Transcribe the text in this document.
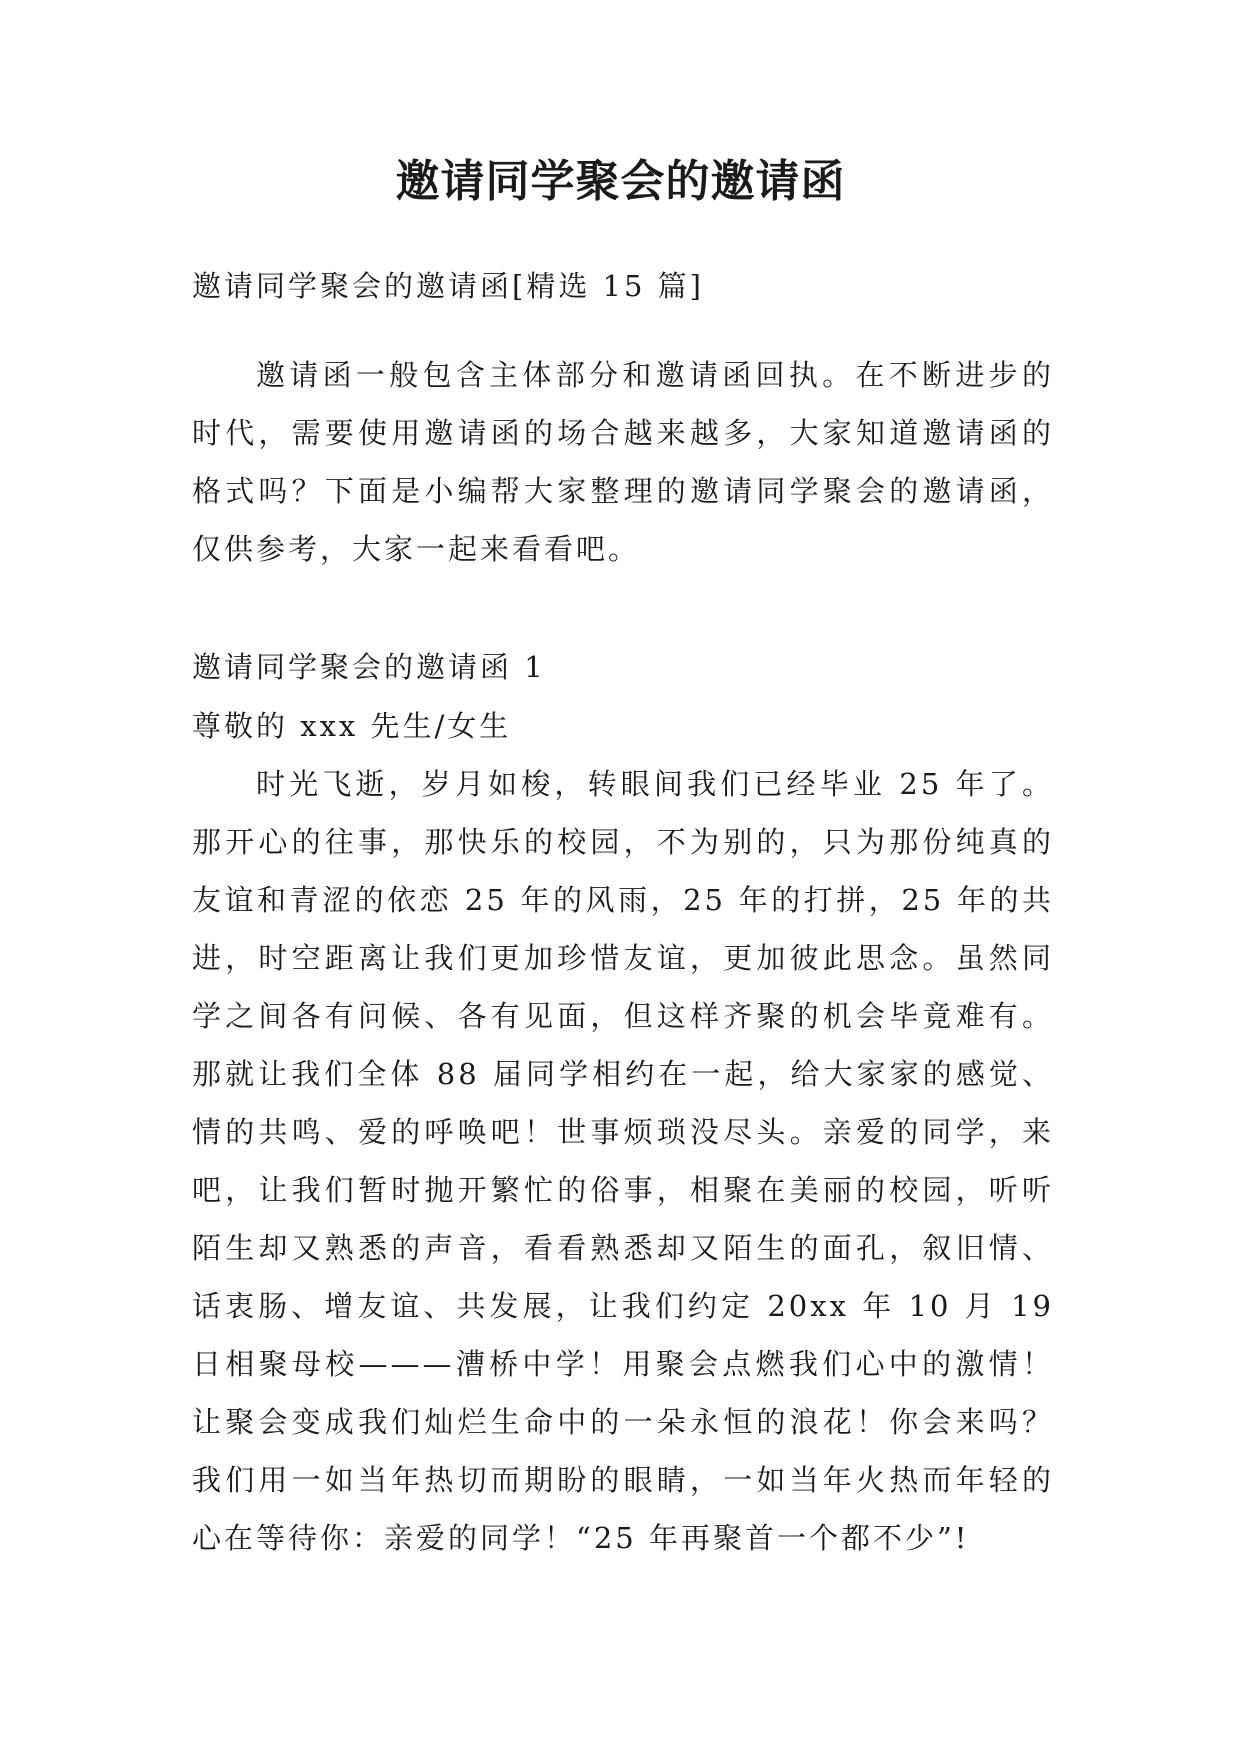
邀请同学聚会的邀请函

邀请同学聚会的邀请函[精选 15 篇]

邀请函一般包含主体部分和邀请函回执。在不断进步的时代，需要使用邀请函的场合越来越多，大家知道邀请函的格式吗？下面是小编帮大家整理的邀请同学聚会的邀请函，仅供参考，大家一起来看看吧。

邀请同学聚会的邀请函 1

尊敬的 xxx 先生/女生

时光飞逝，岁月如梭，转眼间我们已经毕业 25 年了。那开心的往事，那快乐的校园，不为别的，只为那份纯真的友谊和青涩的依恋 25 年的风雨，25 年的打拼，25 年的共进，时空距离让我们更加珍惜友谊，更加彼此思念。虽然同学之间各有问候、各有见面，但这样齐聚的机会毕竟难有。那就让我们全体 88 届同学相约在一起，给大家家的感觉、情的共鸣、爱的呼唤吧！世事烦琐没尽头。亲爱的同学，来吧，让我们暂时抛开繁忙的俗事，相聚在美丽的校园，听听陌生却又熟悉的声音，看看熟悉却又陌生的面孔，叙旧情、话衷肠、增友谊、共发展，让我们约定 20xx 年 10 月 19 日相聚母校———漕桥中学！用聚会点燃我们心中的激情！让聚会变成我们灿烂生命中的一朵永恒的浪花！你会来吗？我们用一如当年热切而期盼的眼睛，一如当年火热而年轻的心在等待你：亲爱的同学！“25 年再聚首一个都不少”!
